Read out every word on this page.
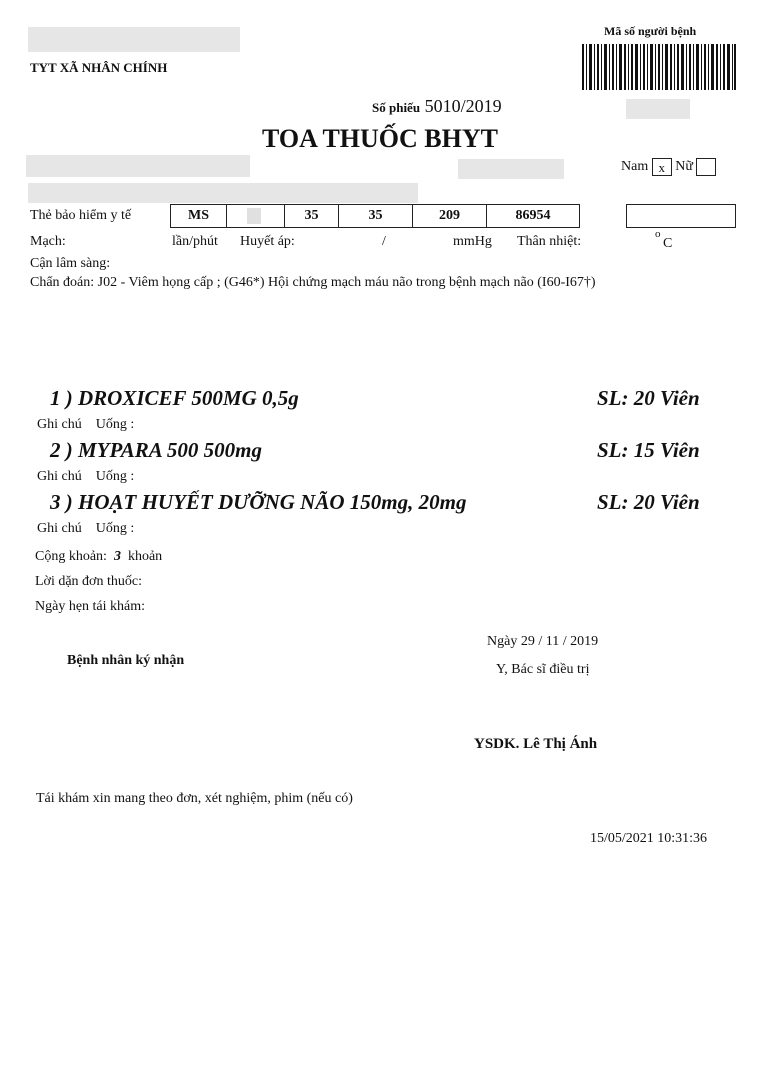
TYT XÃ NHÂN CHÍNH
Mã số người bệnh
Số phiếu 5010/2019
TOA THUỐC BHYT
Nam x Nữ
Thẻ bảo hiểm y tế	MS	35	35	209	86954
Mạch:	lần/phút Huyết áp:	/	mmHg Thân nhiệt:	o
C
Cận lâm sàng:
Chẩn đoán: J02 - Viêm họng cấp ; (G46*) Hội chứng mạch máu não trong bệnh mạch não (I60-I67†)
1 ) DROXICEF 500MG 0,5g	SL: 20 Viên
Ghi chú Uống :
2 ) MYPARA 500 500mg	SL: 15 Viên
Ghi chú Uống :
3 ) HOẠT HUYẾT DƯỠNG NÃO 150mg, 20mg	SL: 20 Viên
Ghi chú Uống :
Cộng khoản: 3 khoản
Lời dặn đơn thuốc:
Ngày hẹn tái khám:
Ngày 29 / 11 / 2019
Y, Bác sĩ điều trị
Bệnh nhân ký nhận
YSDK. Lê Thị Ánh
Tái khám xin mang theo đơn, xét nghiệm, phim (nếu có)
15/05/2021 10:31:36
